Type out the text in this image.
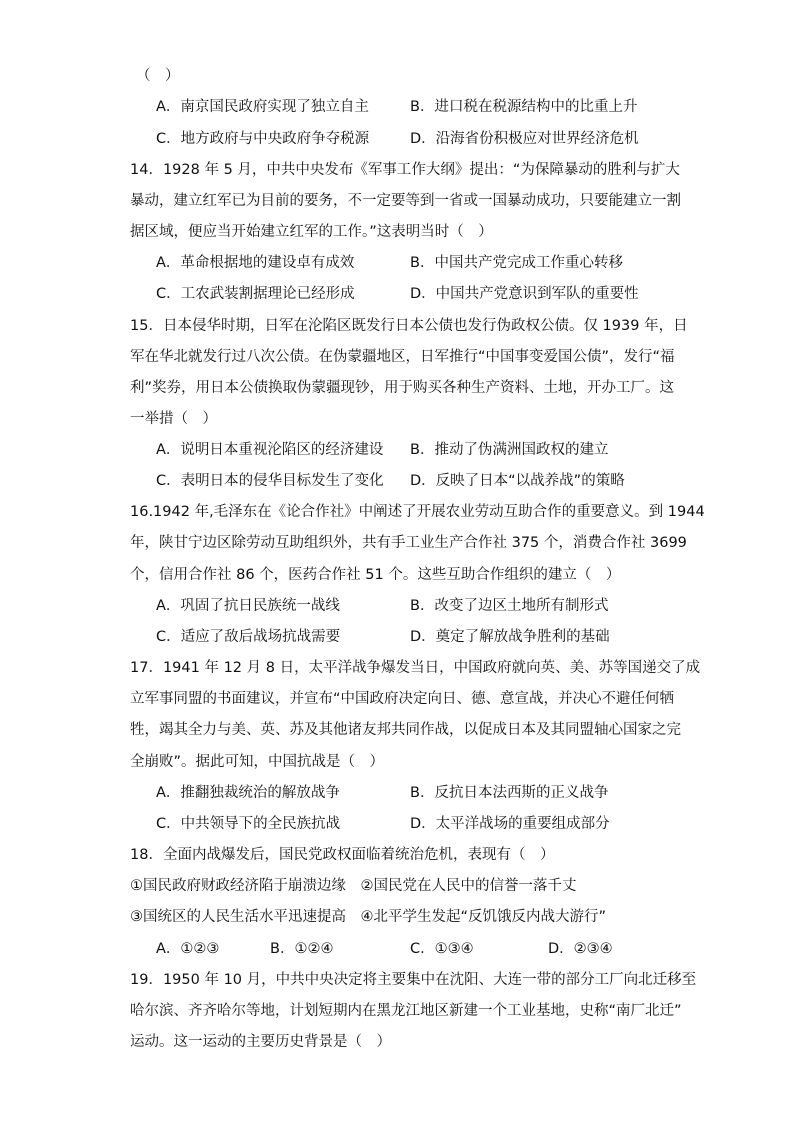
（　）
A．南京国民政府实现了独立自主	B．进口税在税源结构中的比重上升
C．地方政府与中央政府争夺税源	D．沿海省份积极应对世界经济危机
14．1928 年 5 月，中共中央发布《军事工作大纲》提出：“为保障暴动的胜利与扩大
暴动，建立红军已为目前的要务，不一定要等到一省或一国暴动成功，只要能建立一割
据区域，便应当开始建立红军的工作。”这表明当时（　）
A．革命根据地的建设卓有成效	B．中国共产党完成工作重心转移
C．工农武装割据理论已经形成	D．中国共产党意识到军队的重要性
15．日本侵华时期，日军在沦陷区既发行日本公债也发行伪政权公债。仅 1939 年，日
军在华北就发行过八次公债。在伪蒙疆地区，日军推行“中国事变爱国公债”，发行“福
利”奖券，用日本公债换取伪蒙疆现钞，用于购买各种生产资料、土地，开办工厂。这
一举措（　）
A．说明日本重视沦陷区的经济建设 B．推动了伪满洲国政权的建立
C．表明日本的侵华目标发生了变化 D．反映了日本“以战养战”的策略
16.1942 年,毛泽东在《论合作社》中阐述了开展农业劳动互助合作的重要意义。到 1944
年，陕甘宁边区除劳动互助组织外，共有手工业生产合作社 375 个，消费合作社 3699
个，信用合作社 86 个，医药合作社 51 个。这些互助合作组织的建立（　）
A．巩固了抗日民族统一战线	B．改变了边区土地所有制形式
C．适应了敌后战场抗战需要	D．奠定了解放战争胜利的基础
17．1941 年 12 月 8 日，太平洋战争爆发当日，中国政府就向英、美、苏等国递交了成
立军事同盟的书面建议，并宣布“中国政府决定向日、德、意宣战，并决心不避任何牺
牲，竭其全力与美、英、苏及其他诸友邦共同作战，以促成日本及其同盟轴心国家之完
全崩败”。据此可知，中国抗战是（　）
A．推翻独裁统治的解放战争	B．反抗日本法西斯的正义战争
C．中共领导下的全民族抗战	D．太平洋战场的重要组成部分
18．全面内战爆发后，国民党政权面临着统治危机，表现有（　）
①国民政府财政经济陷于崩溃边缘　②国民党在人民中的信誉一落千丈
③国统区的人民生活水平迅速提高　④北平学生发起“反饥饿反内战大游行”
A．①②③	B．①②④	C．①③④	D．②③④
19．1950 年 10 月，中共中央决定将主要集中在沈阳、大连一带的部分工厂向北迁移至
哈尔滨、齐齐哈尔等地，计划短期内在黑龙江地区新建一个工业基地，史称“南厂北迁”
运动。这一运动的主要历史背景是（　）
